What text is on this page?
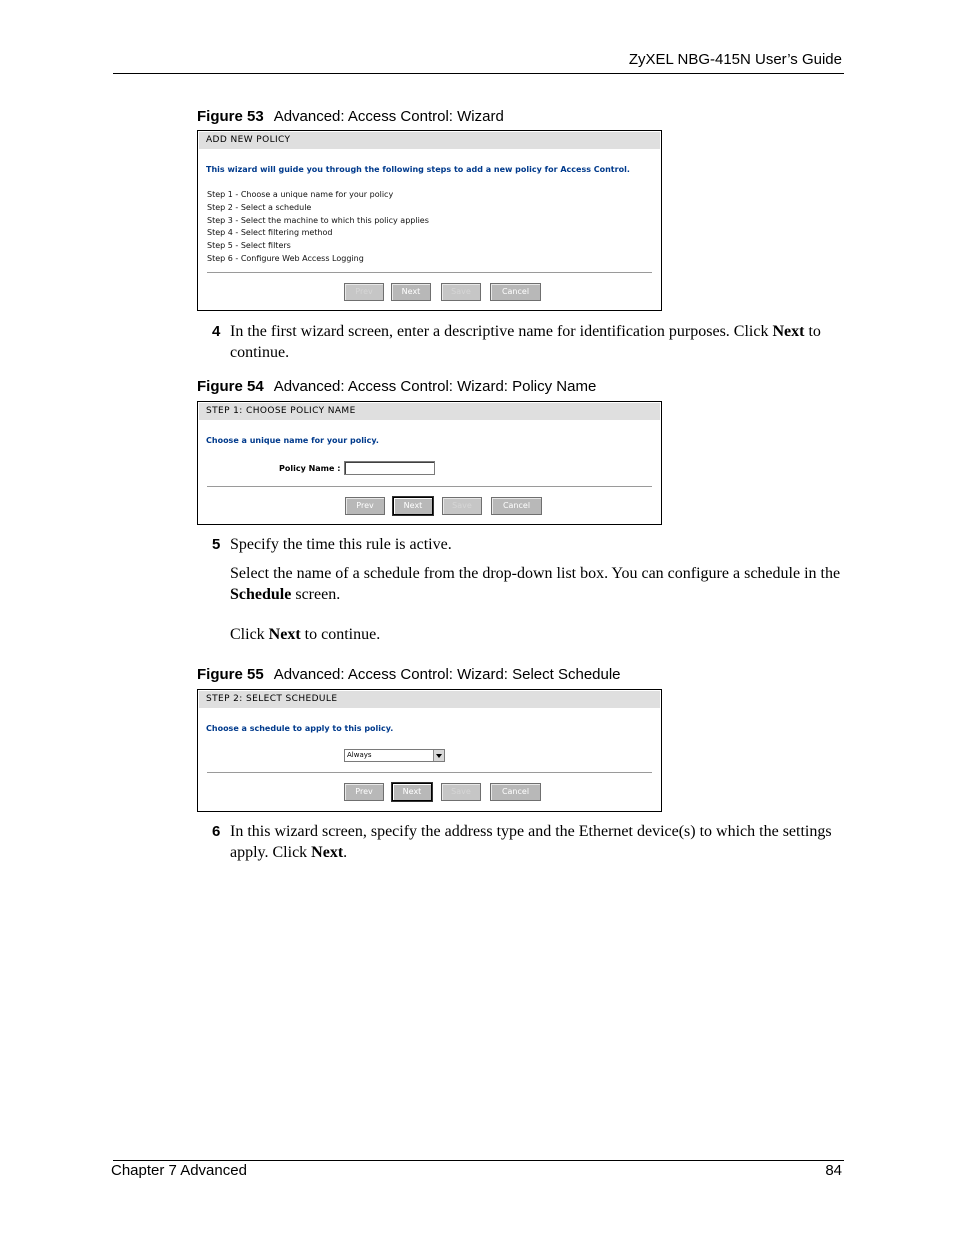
ZyXEL NBG-415N User’s Guide
Figure 53 Advanced: Access Control: Wizard
ADD NEW POLICY
This wizard will guide you through the following steps to add a new policy for Access Control.
Step 1 - Choose a unique name for your policy
Step 2 - Select a schedule
Step 3 - Select the machine to which this policy applies
Step 4 - Select filtering method
Step 5 - Select filters
Step 6 - Configure Web Access Logging
Prev	Next	Save	Cancel
4 In the first wizard screen, enter a descriptive name for identification purposes. Click Next to continue.
Figure 54 Advanced: Access Control: Wizard: Policy Name
STEP 1: CHOOSE POLICY NAME
Choose a unique name for your policy.
Policy Name :
Prev	Next	Save	Cancel
5 Specify the time this rule is active.
Select the name of a schedule from the drop-down list box. You can configure a schedule in the Schedule screen.
Click Next to continue.
Figure 55 Advanced: Access Control: Wizard: Select Schedule
STEP 2: SELECT SCHEDULE
Choose a schedule to apply to this policy.
Always
Prev	Next	Save	Cancel
6 In this wizard screen, specify the address type and the Ethernet device(s) to which the settings apply. Click Next.
Chapter 7 Advanced	84
